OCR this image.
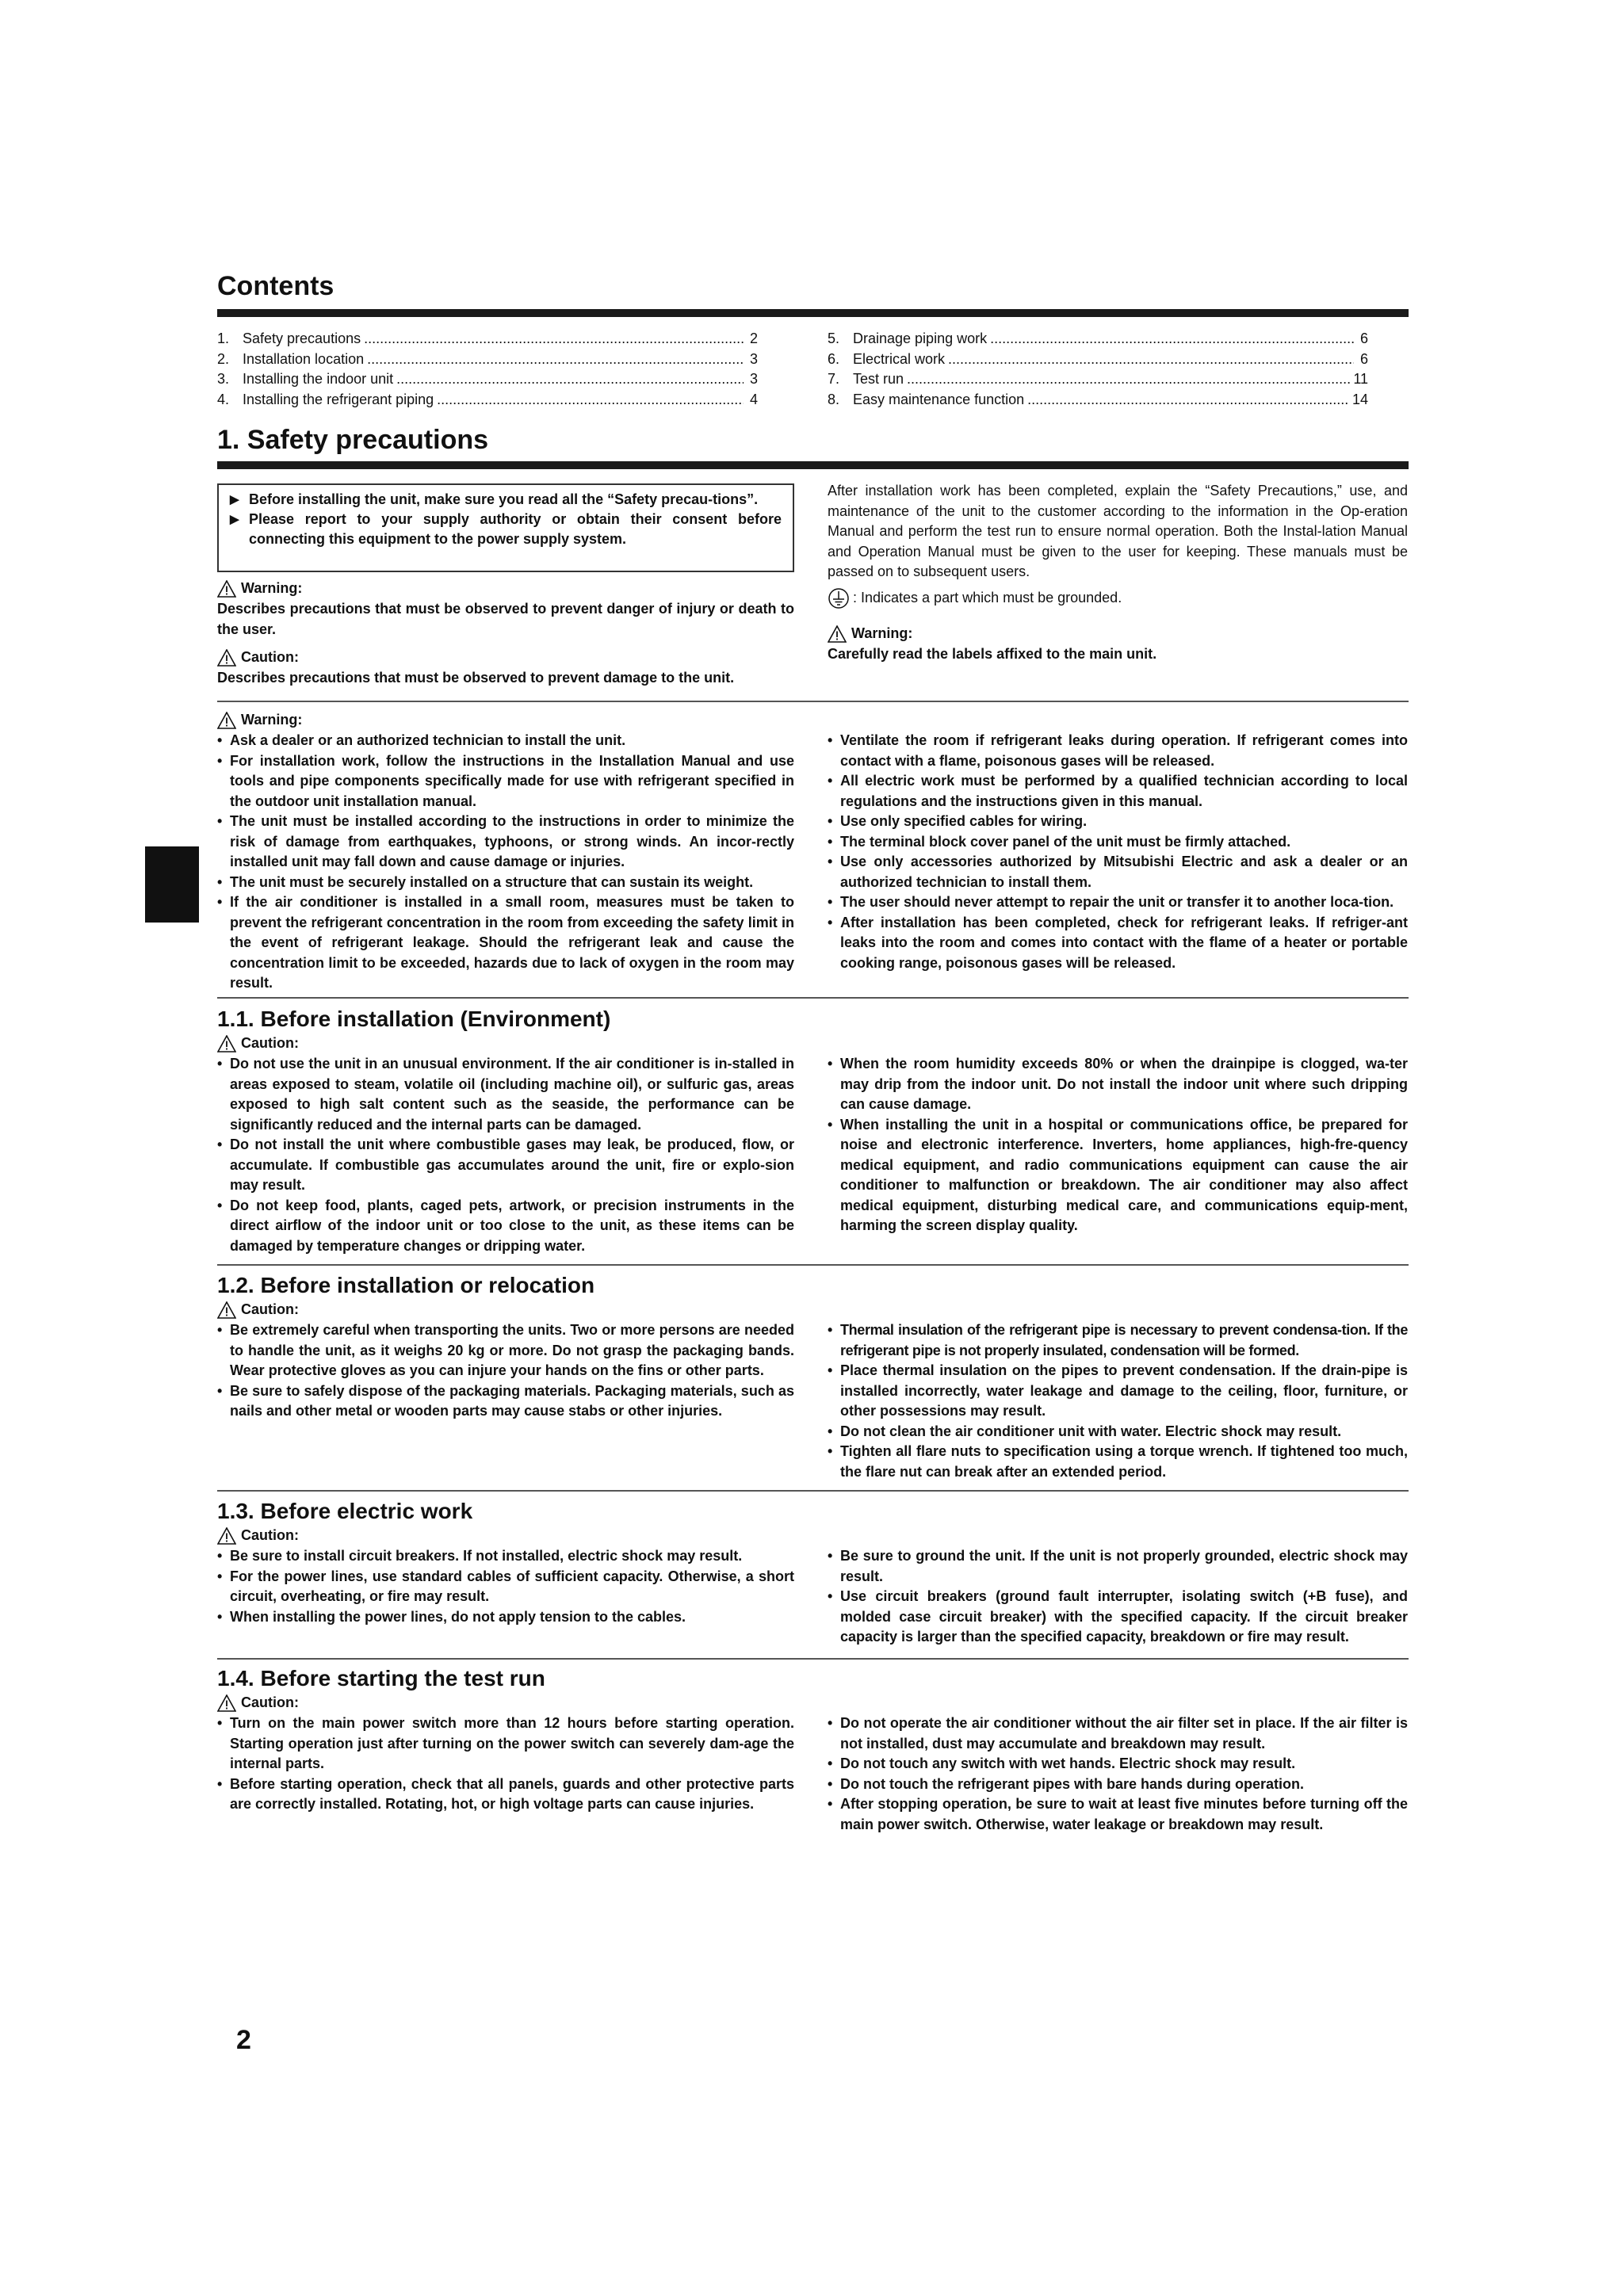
Contents
1. Safety precautions .....	2
2. Installation location .....	3
3. Installing the indoor unit .....	3
4. Installing the refrigerant piping .....	4
5. Drainage piping work .....	6
6. Electrical work .....	6
7. Test run .....	11
8. Easy maintenance function .....	14
1. Safety precautions
▶ Before installing the unit, make sure you read all the “Safety precau-tions”.
▶ Please report to your supply authority or obtain their consent before connecting this equipment to the power supply system.
Warning:
Describes precautions that must be observed to prevent danger of injury or death to the user.
Caution:
Describes precautions that must be observed to prevent damage to the unit.
After installation work has been completed, explain the “Safety Precautions,” use, and maintenance of the unit to the customer according to the information in the Op-eration Manual and perform the test run to ensure normal operation. Both the Instal-lation Manual and Operation Manual must be given to the user for keeping. These manuals must be passed on to subsequent users.
: Indicates a part which must be grounded.
Warning:
Carefully read the labels affixed to the main unit.
Warning:
• Ask a dealer or an authorized technician to install the unit.
• For installation work, follow the instructions in the Installation Manual and use tools and pipe components specifically made for use with refrigerant specified in the outdoor unit installation manual.
• The unit must be installed according to the instructions in order to minimize the risk of damage from earthquakes, typhoons, or strong winds. An incor-rectly installed unit may fall down and cause damage or injuries.
• The unit must be securely installed on a structure that can sustain its weight.
• If the air conditioner is installed in a small room, measures must be taken to prevent the refrigerant concentration in the room from exceeding the safety limit in the event of refrigerant leakage. Should the refrigerant leak and cause the concentration limit to be exceeded, hazards due to lack of oxygen in the room may result.
• Ventilate the room if refrigerant leaks during operation. If refrigerant comes into contact with a flame, poisonous gases will be released.
• All electric work must be performed by a qualified technician according to local regulations and the instructions given in this manual.
• Use only specified cables for wiring.
• The terminal block cover panel of the unit must be firmly attached.
• Use only accessories authorized by Mitsubishi Electric and ask a dealer or an authorized technician to install them.
• The user should never attempt to repair the unit or transfer it to another loca-tion.
• After installation has been completed, check for refrigerant leaks. If refriger-ant leaks into the room and comes into contact with the flame of a heater or portable cooking range, poisonous gases will be released.
1.1. Before installation (Environment)
Caution:
• Do not use the unit in an unusual environment. If the air conditioner is in-stalled in areas exposed to steam, volatile oil (including machine oil), or sulfuric gas, areas exposed to high salt content such as the seaside, the performance can be significantly reduced and the internal parts can be damaged.
• Do not install the unit where combustible gases may leak, be produced, flow, or accumulate. If combustible gas accumulates around the unit, fire or explo-sion may result.
• Do not keep food, plants, caged pets, artwork, or precision instruments in the direct airflow of the indoor unit or too close to the unit, as these items can be damaged by temperature changes or dripping water.
• When the room humidity exceeds 80% or when the drainpipe is clogged, wa-ter may drip from the indoor unit. Do not install the indoor unit where such dripping can cause damage.
• When installing the unit in a hospital or communications office, be prepared for noise and electronic interference. Inverters, home appliances, high-fre-quency medical equipment, and radio communications equipment can cause the air conditioner to malfunction or breakdown. The air conditioner may also affect medical equipment, disturbing medical care, and communications equip-ment, harming the screen display quality.
1.2. Before installation or relocation
Caution:
• Be extremely careful when transporting the units. Two or more persons are needed to handle the unit, as it weighs 20 kg or more. Do not grasp the packaging bands. Wear protective gloves as you can injure your hands on the fins or other parts.
• Be sure to safely dispose of the packaging materials. Packaging materials, such as nails and other metal or wooden parts may cause stabs or other injuries.
• Thermal insulation of the refrigerant pipe is necessary to prevent condensa-tion. If the refrigerant pipe is not properly insulated, condensation will be formed.
• Place thermal insulation on the pipes to prevent condensation. If the drain-pipe is installed incorrectly, water leakage and damage to the ceiling, floor, furniture, or other possessions may result.
• Do not clean the air conditioner unit with water. Electric shock may result.
• Tighten all flare nuts to specification using a torque wrench. If tightened too much, the flare nut can break after an extended period.
1.3. Before electric work
Caution:
• Be sure to install circuit breakers. If not installed, electric shock may result.
• For the power lines, use standard cables of sufficient capacity. Otherwise, a short circuit, overheating, or fire may result.
• When installing the power lines, do not apply tension to the cables.
• Be sure to ground the unit. If the unit is not properly grounded, electric shock may result.
• Use circuit breakers (ground fault interrupter, isolating switch (+B fuse), and molded case circuit breaker) with the specified capacity. If the circuit breaker capacity is larger than the specified capacity, breakdown or fire may result.
1.4. Before starting the test run
Caution:
• Turn on the main power switch more than 12 hours before starting operation. Starting operation just after turning on the power switch can severely dam-age the internal parts.
• Before starting operation, check that all panels, guards and other protective parts are correctly installed. Rotating, hot, or high voltage parts can cause injuries.
• Do not operate the air conditioner without the air filter set in place. If the air filter is not installed, dust may accumulate and breakdown may result.
• Do not touch any switch with wet hands. Electric shock may result.
• Do not touch the refrigerant pipes with bare hands during operation.
• After stopping operation, be sure to wait at least five minutes before turning off the main power switch. Otherwise, water leakage or breakdown may result.
2
